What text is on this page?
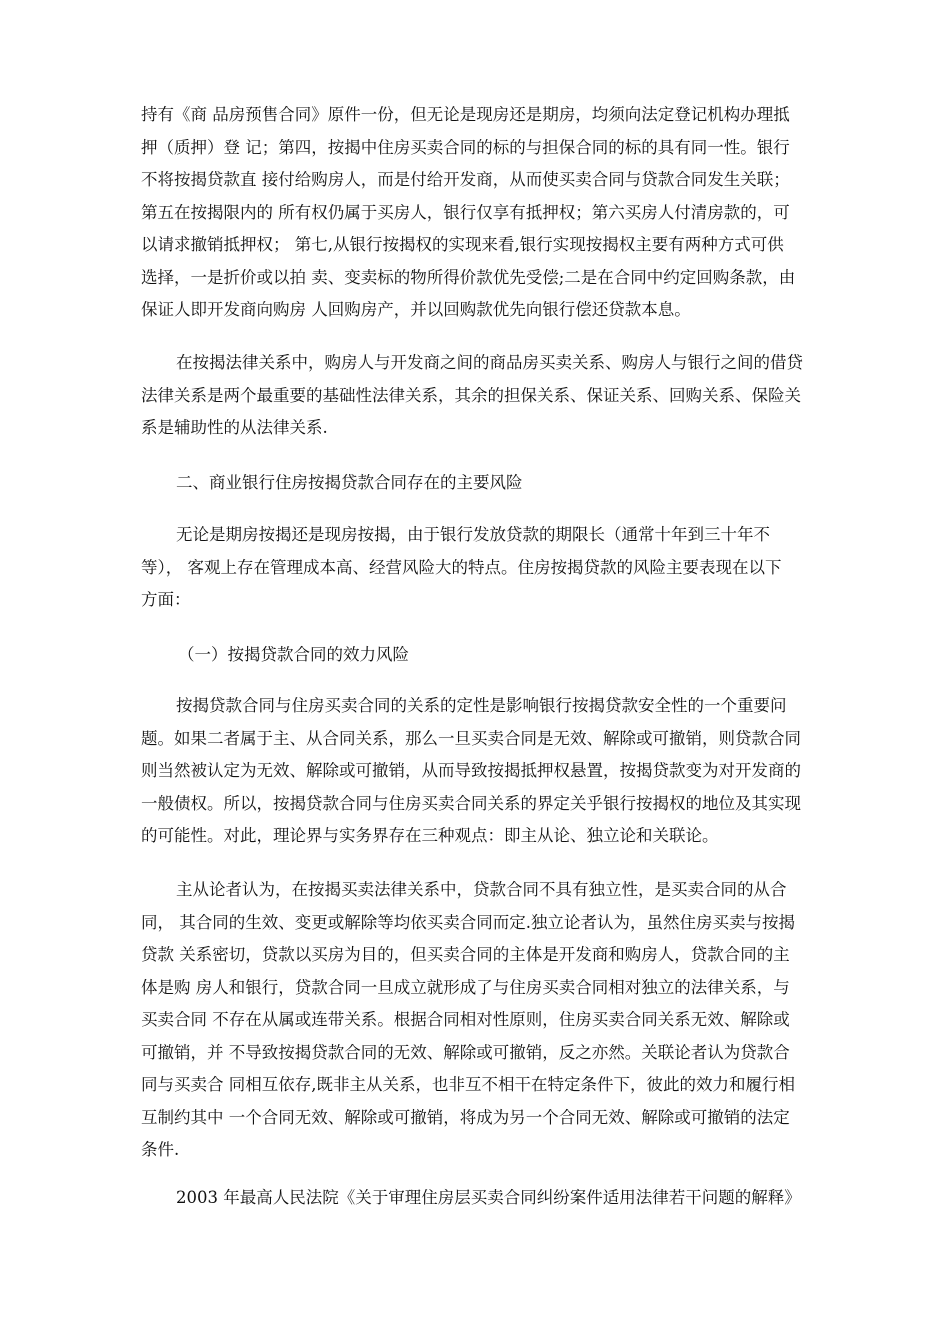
持有《商 品房预售合同》原件一份，但无论是现房还是期房，均须向法定登记机构办理抵
押（质押）登 记；第四，按揭中住房买卖合同的标的与担保合同的标的具有同一性。银行
不将按揭贷款直 接付给购房人，而是付给开发商，从而使买卖合同与贷款合同发生关联；
第五在按揭限内的 所有权仍属于买房人，银行仅享有抵押权；第六买房人付清房款的，可
以请求撤销抵押权； 第七,从银行按揭权的实现来看,银行实现按揭权主要有两种方式可供
选择，一是折价或以拍 卖、变卖标的物所得价款优先受偿;二是在合同中约定回购条款，由
保证人即开发商向购房 人回购房产，并以回购款优先向银行偿还贷款本息。
在按揭法律关系中，购房人与开发商之间的商品房买卖关系、购房人与银行之间的借贷
法律关系是两个最重要的基础性法律关系，其余的担保关系、保证关系、回购关系、保险关
系是辅助性的从法律关系.
二、商业银行住房按揭贷款合同存在的主要风险
无论是期房按揭还是现房按揭，由于银行发放贷款的期限长（通常十年到三十年不
等）， 客观上存在管理成本高、经营风险大的特点。住房按揭贷款的风险主要表现在以下
方面：
（一）按揭贷款合同的效力风险
按揭贷款合同与住房买卖合同的关系的定性是影响银行按揭贷款安全性的一个重要问
题。如果二者属于主、从合同关系，那么一旦买卖合同是无效、解除或可撤销，则贷款合同
则当然被认定为无效、解除或可撤销，从而导致按揭抵押权悬置，按揭贷款变为对开发商的
一般债权。所以，按揭贷款合同与住房买卖合同关系的界定关乎银行按揭权的地位及其实现
的可能性。对此，理论界与实务界存在三种观点：即主从论、独立论和关联论。
主从论者认为，在按揭买卖法律关系中，贷款合同不具有独立性，是买卖合同的从合
同， 其合同的生效、变更或解除等均依买卖合同而定.独立论者认为，虽然住房买卖与按揭
贷款 关系密切，贷款以买房为目的，但买卖合同的主体是开发商和购房人，贷款合同的主
体是购 房人和银行，贷款合同一旦成立就形成了与住房买卖合同相对独立的法律关系，与
买卖合同 不存在从属或连带关系。根据合同相对性原则，住房买卖合同关系无效、解除或
可撤销，并 不导致按揭贷款合同的无效、解除或可撤销，反之亦然。关联论者认为贷款合
同与买卖合 同相互依存,既非主从关系，也非互不相干在特定条件下，彼此的效力和履行相
互制约其中 一个合同无效、解除或可撤销，将成为另一个合同无效、解除或可撤销的法定
条件.
2003 年最高人民法院《关于审理住房层买卖合同纠纷案件适用法律若干问题的解释》
